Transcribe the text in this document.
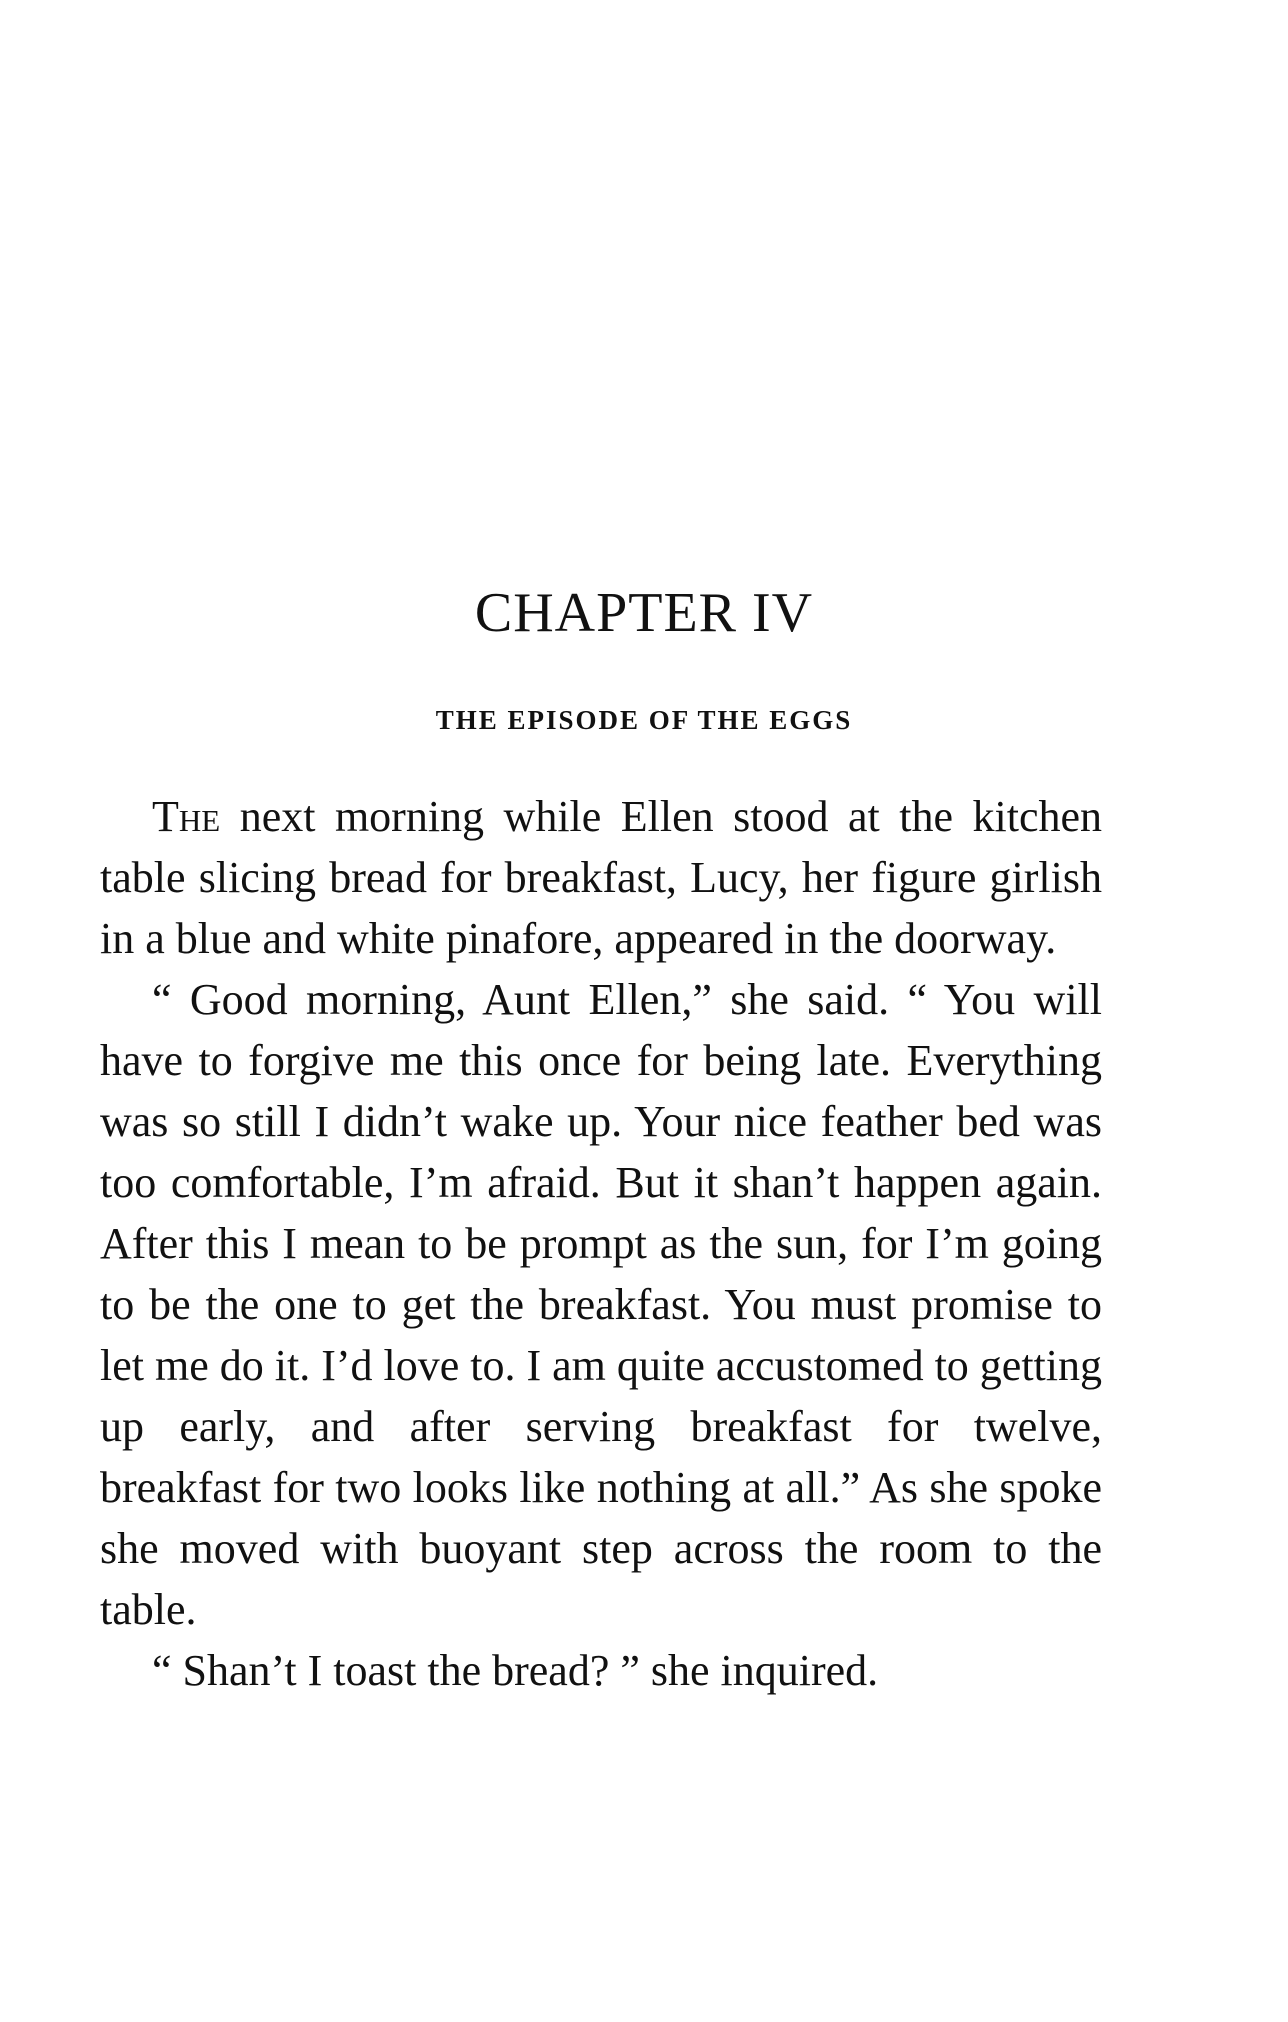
CHAPTER IV
THE EPISODE OF THE EGGS

The next morning while Ellen stood at the kitchen table slicing bread for breakfast, Lucy, her figure girlish in a blue and white pinafore, appeared in the doorway.

“ Good morning, Aunt Ellen,” she said. “ You will have to forgive me this once for being late. Everything was so still I didn’t wake up. Your nice feather bed was too comfortable, I’m afraid. But it shan’t happen again. After this I mean to be prompt as the sun, for I’m going to be the one to get the breakfast. You must promise to let me do it. I’d love to. I am quite accustomed to getting up early, and after serving breakfast for twelve, breakfast for two looks like nothing at all.” As she spoke she moved with buoyant step across the room to the table.

“ Shan’t I toast the bread? ” she inquired.
